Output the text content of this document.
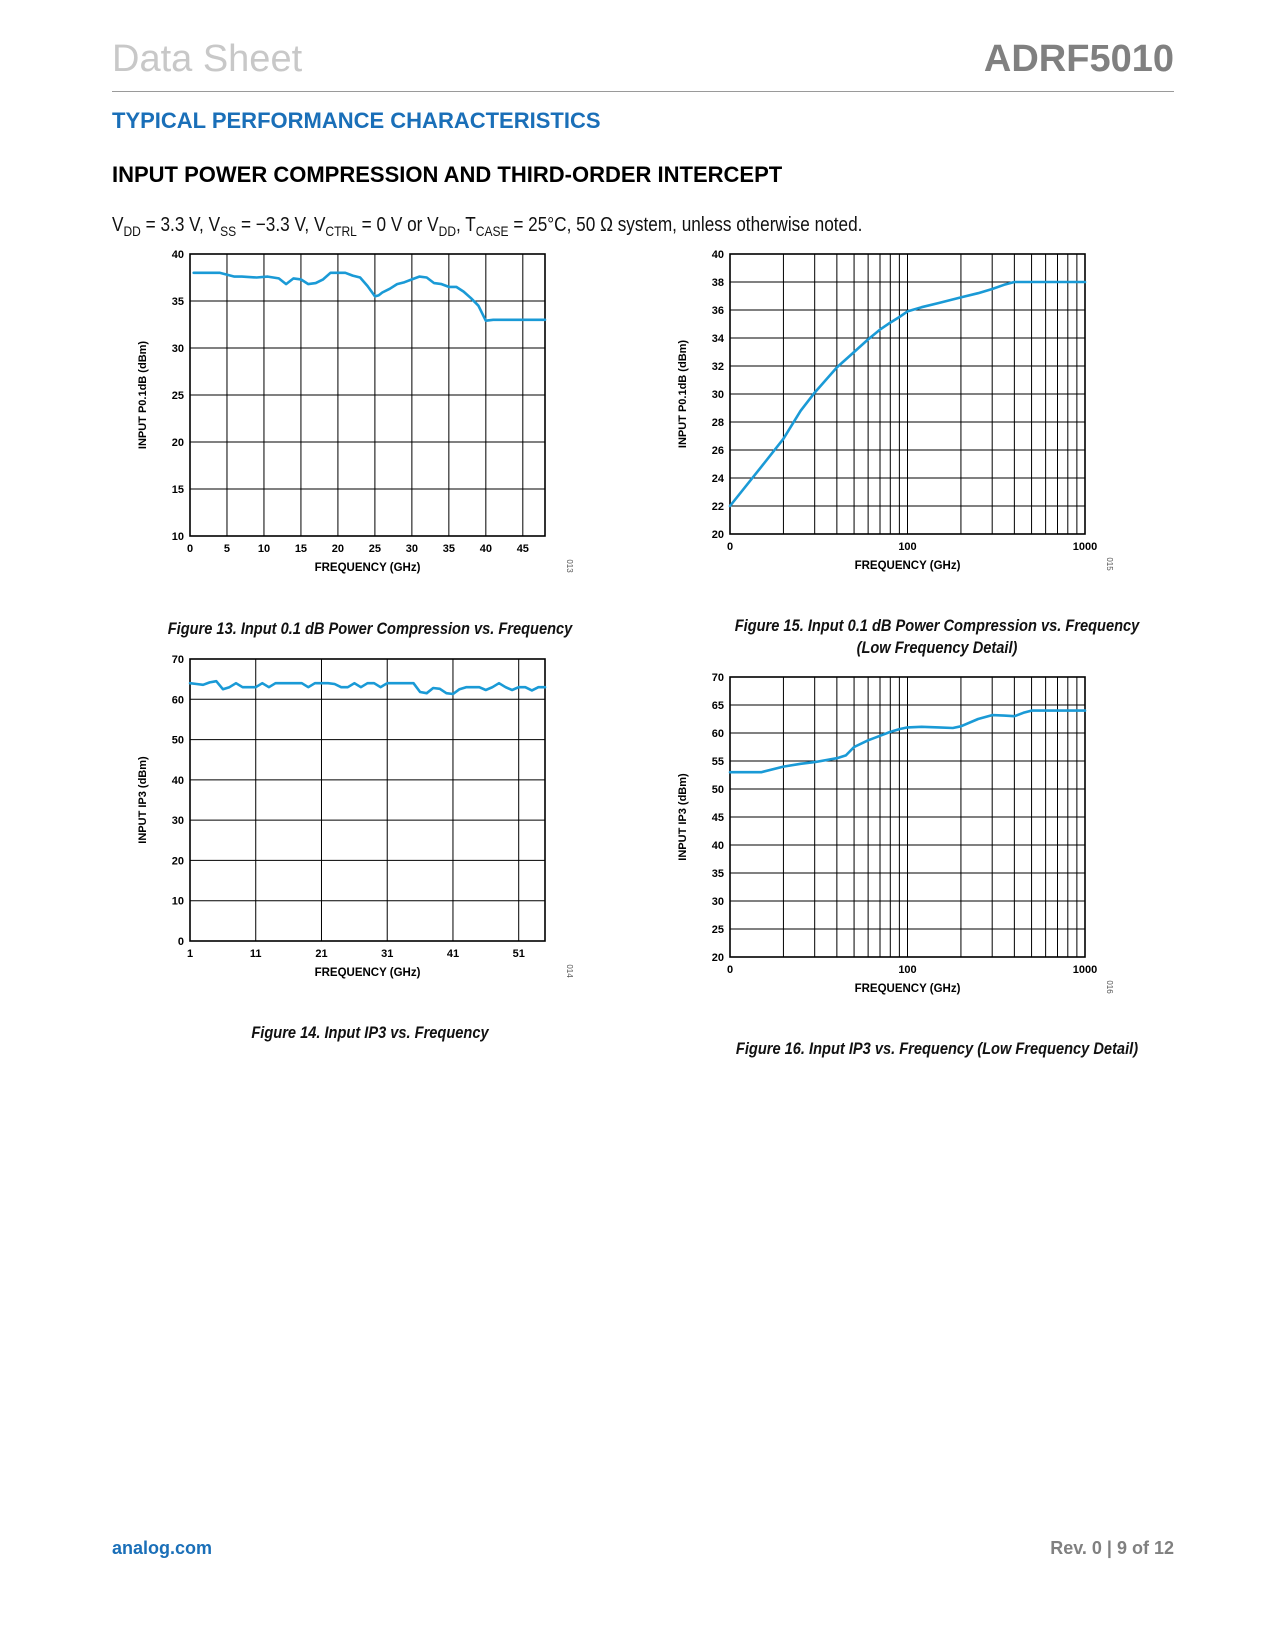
Data Sheet	ADRF5010
TYPICAL PERFORMANCE CHARACTERISTICS
INPUT POWER COMPRESSION AND THIRD-ORDER INTERCEPT
$V_{DD} = 3.3$ V, $V_{SS} = -3.3$ V, $V_{CTRL} = 0$ V or $V_{DD}$, $T_{CASE} = 25^\circ C$, 50 Ω system, unless otherwise noted.
10
15
20
25
30
35
40
0	5	10 15 20 25 30 35 40 45
FREQUENCY (GHz)
INPUT P0.1dB (dBm)
013
Figure 13. Input 0.1 dB Power Compression vs. Frequency
20
22
24
26
28
30
32
34
36
38
40
0	100	1000
FREQUENCY (GHz)
INPUT P0.1dB (dBm)
015
Figure 15. Input 0.1 dB Power Compression vs. Frequency (Low Frequency Detail)
0
10
20
30
40
50
60
70
1	11	21	31	41	51
FREQUENCY (GHz)
INPUT IP3 (dBm)
014
Figure 14. Input IP3 vs. Frequency
20
25
30
35
40
45
50
55
60
65
70
0	100	1000
FREQUENCY (GHz)
INPUT IP3 (dBm)
016
Figure 16. Input IP3 vs. Frequency (Low Frequency Detail)
analog.com	Rev. 0 | 9 of 12
